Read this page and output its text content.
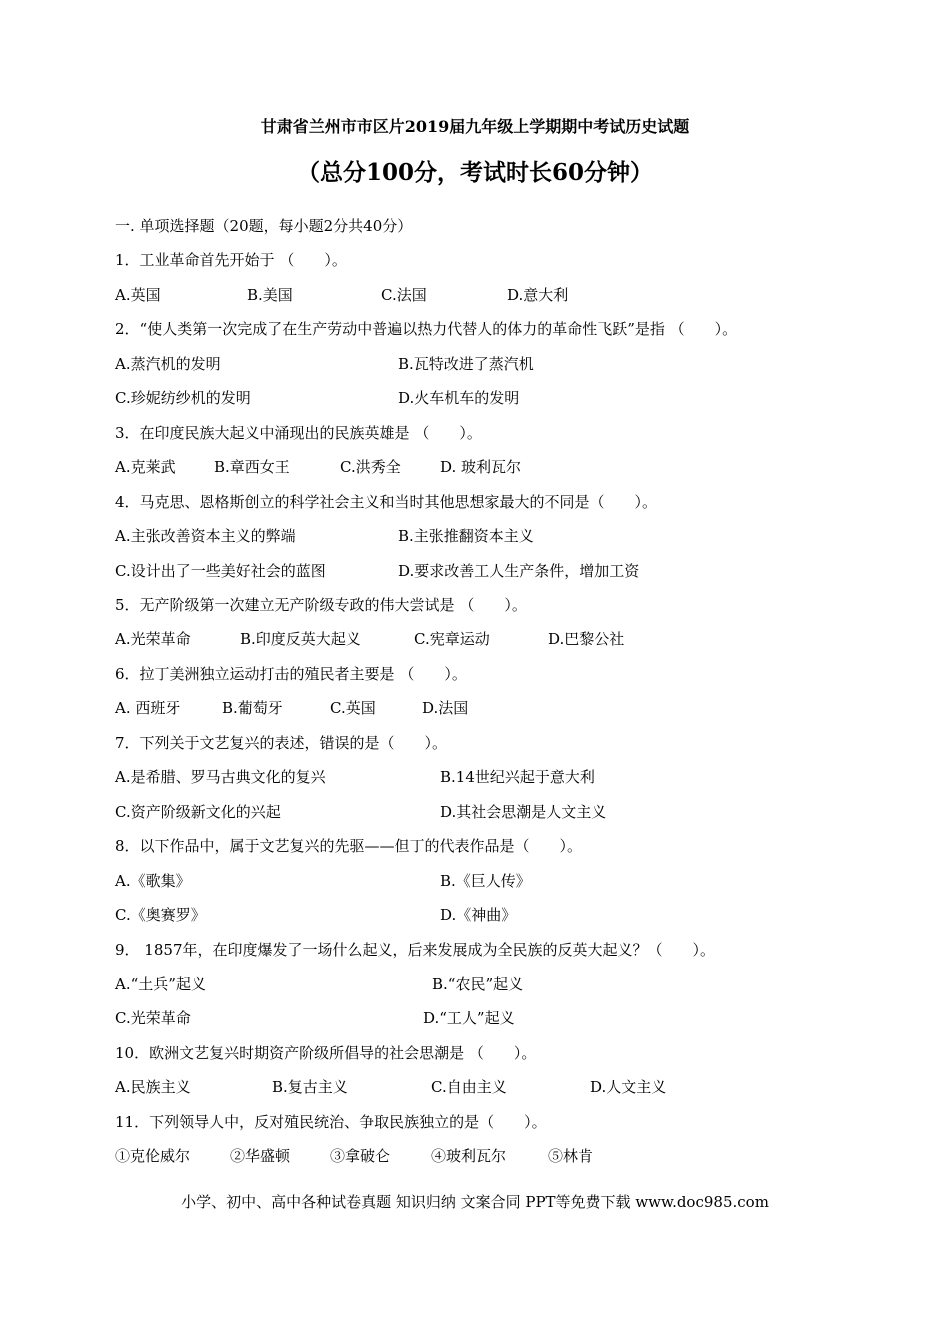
甘肃省兰州市市区片2019届九年级上学期期中考试历史试题
（总分100分，考试时长60分钟）
一. 单项选择题（20题，每小题2分共40分）
1．工业革命首先开始于 （　　）。
A.英国	B.美国	C.法国	D.意大利
2．“使人类第一次完成了在生产劳动中普遍以热力代替人的体力的革命性飞跃”是指 （　　）。
A.蒸汽机的发明	B.瓦特改进了蒸汽机
C.珍妮纺纱机的发明	D.火车机车的发明
3．在印度民族大起义中涌现出的民族英雄是 （　　）。
A.克莱武	B.章西女王	C.洪秀全	D. 玻利瓦尔
4．马克思、恩格斯创立的科学社会主义和当时其他思想家最大的不同是（　　）。
A.主张改善资本主义的弊端	B.主张推翻资本主义
C.设计出了一些美好社会的蓝图	D.要求改善工人生产条件，增加工资
5．无产阶级第一次建立无产阶级专政的伟大尝试是 （　　）。
A.光荣革命	B.印度反英大起义	C.宪章运动	D.巴黎公社
6．拉丁美洲独立运动打击的殖民者主要是 （　　）。
A. 西班牙	B.葡萄牙	C.英国	D.法国
7．下列关于文艺复兴的表述，错误的是（　　）。
A.是希腊、罗马古典文化的复兴	B.14世纪兴起于意大利
C.资产阶级新文化的兴起	D.其社会思潮是人文主义
8．以下作品中，属于文艺复兴的先驱——但丁的代表作品是（　　）。
A.《歌集》	B.《巨人传》
C.《奥赛罗》	D.《神曲》
9． 1857年，在印度爆发了一场什么起义，后来发展成为全民族的反英大起义？（　　）。
A.“土兵”起义	B.“农民”起义
C.光荣革命	D.“工人”起义
10．欧洲文艺复兴时期资产阶级所倡导的社会思潮是 （　　）。
A.民族主义	B.复古主义	C.自由主义	D.人文主义
11．下列领导人中，反对殖民统治、争取民族独立的是（　　）。
①克伦威尔	②华盛顿	③拿破仑	④玻利瓦尔	⑤林肯
小学、初中、高中各种试卷真题 知识归纳 文案合同 PPT等免费下载 www.doc985.com
